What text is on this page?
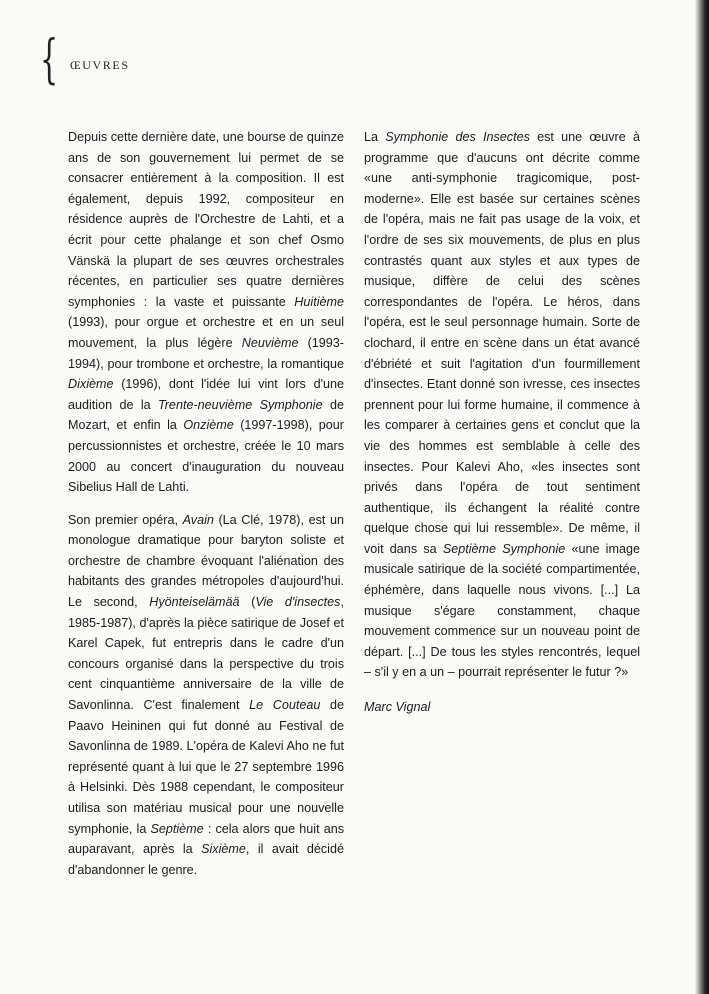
{ ŒUVRES

Depuis cette dernière date, une bourse de quinze ans de son gouvernement lui permet de se consacrer entièrement à la composition. Il est également, depuis 1992, compositeur en résidence auprès de l'Orchestre de Lahti, et a écrit pour cette phalange et son chef Osmo Vänskä la plupart de ses œuvres orchestrales récentes, en particulier ses quatre dernières symphonies : la vaste et puissante Huitième (1993), pour orgue et orchestre et en un seul mouvement, la plus légère Neuvième (1993-1994), pour trombone et orchestre, la romantique Dixième (1996), dont l'idée lui vint lors d'une audition de la Trente-neuvième Symphonie de Mozart, et enfin la Onzième (1997-1998), pour percussionnistes et orchestre, créée le 10 mars 2000 au concert d'inauguration du nouveau Sibelius Hall de Lahti.

Son premier opéra, Avain (La Clé, 1978), est un monologue dramatique pour baryton soliste et orchestre de chambre évoquant l'aliénation des habitants des grandes métropoles d'aujourd'hui. Le second, Hyönteiselämää (Vie d'insectes, 1985-1987), d'après la pièce satirique de Josef et Karel Capek, fut entrepris dans le cadre d'un concours organisé dans la perspective du trois cent cinquantième anniversaire de la ville de Savonlinna. C'est finalement Le Couteau de Paavo Heininen qui fut donné au Festival de Savonlinna de 1989. L'opéra de Kalevi Aho ne fut représenté quant à lui que le 27 septembre 1996 à Helsinki. Dès 1988 cependant, le compositeur utilisa son matériau musical pour une nouvelle symphonie, la Septième : cela alors que huit ans auparavant, après la Sixième, il avait décidé d'abandonner le genre.

La Symphonie des Insectes est une œuvre à programme que d'aucuns ont décrite comme «une anti-symphonie tragicomique, post-moderne». Elle est basée sur certaines scènes de l'opéra, mais ne fait pas usage de la voix, et l'ordre de ses six mouvements, de plus en plus contrastés quant aux styles et aux types de musique, diffère de celui des scènes correspondantes de l'opéra. Le héros, dans l'opéra, est le seul personnage humain. Sorte de clochard, il entre en scène dans un état avancé d'ébriété et suit l'agitation d'un fourmillement d'insectes. Etant donné son ivresse, ces insectes prennent pour lui forme humaine, il commence à les comparer à certaines gens et conclut que la vie des hommes est semblable à celle des insectes. Pour Kalevi Aho, «les insectes sont privés dans l'opéra de tout sentiment authentique, ils échangent la réalité contre quelque chose qui lui ressemble». De même, il voit dans sa Septième Symphonie «une image musicale satirique de la société compartimentée, éphémère, dans laquelle nous vivons. [...] La musique s'égare constamment, chaque mouvement commence sur un nouveau point de départ. [...] De tous les styles rencontrés, lequel – s'il y en a un – pourrait représenter le futur ?»

Marc Vignal
